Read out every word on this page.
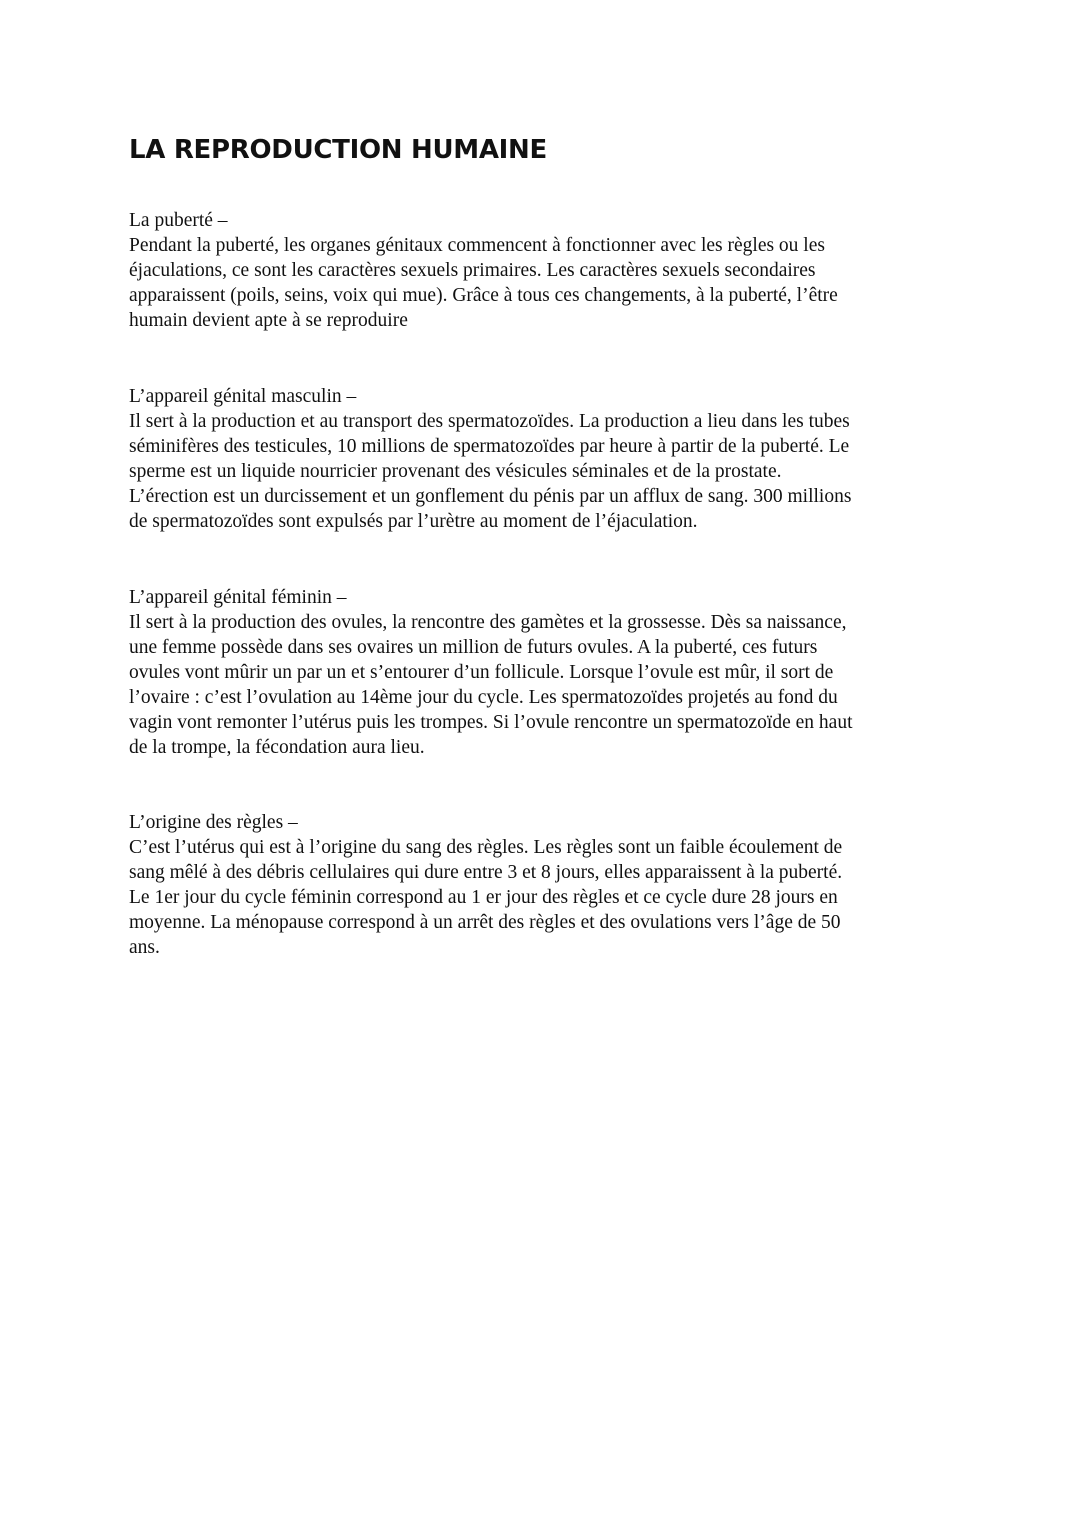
LA REPRODUCTION HUMAINE
La puberté –
Pendant la puberté, les organes génitaux commencent à fonctionner avec les règles ou les
éjaculations, ce sont les caractères sexuels primaires. Les caractères sexuels secondaires
apparaissent (poils, seins, voix qui mue). Grâce à tous ces changements, à la puberté, l’être
humain devient apte à se reproduire
L’appareil génital masculin –
Il sert à la production et au transport des spermatozoïdes. La production a lieu dans les tubes
séminifères des testicules, 10 millions de spermatozoïdes par heure à partir de la puberté. Le
sperme est un liquide nourricier provenant des vésicules séminales et de la prostate.
L’érection est un durcissement et un gonflement du pénis par un afflux de sang. 300 millions
de spermatozoïdes sont expulsés par l’urètre au moment de l’éjaculation.
L’appareil génital féminin –
Il sert à la production des ovules, la rencontre des gamètes et la grossesse. Dès sa naissance,
une femme possède dans ses ovaires un million de futurs ovules. A la puberté, ces futurs
ovules vont mûrir un par un et s’entourer d’un follicule. Lorsque l’ovule est mûr, il sort de
l’ovaire : c’est l’ovulation au 14ème jour du cycle. Les spermatozoïdes projetés au fond du
vagin vont remonter l’utérus puis les trompes. Si l’ovule rencontre un spermatozoïde en haut
de la trompe, la fécondation aura lieu.
L’origine des règles –
C’est l’utérus qui est à l’origine du sang des règles. Les règles sont un faible écoulement de
sang mêlé à des débris cellulaires qui dure entre 3 et 8 jours, elles apparaissent à la puberté.
Le 1er jour du cycle féminin correspond au 1 er jour des règles et ce cycle dure 28 jours en
moyenne. La ménopause correspond à un arrêt des règles et des ovulations vers l’âge de 50
ans.
